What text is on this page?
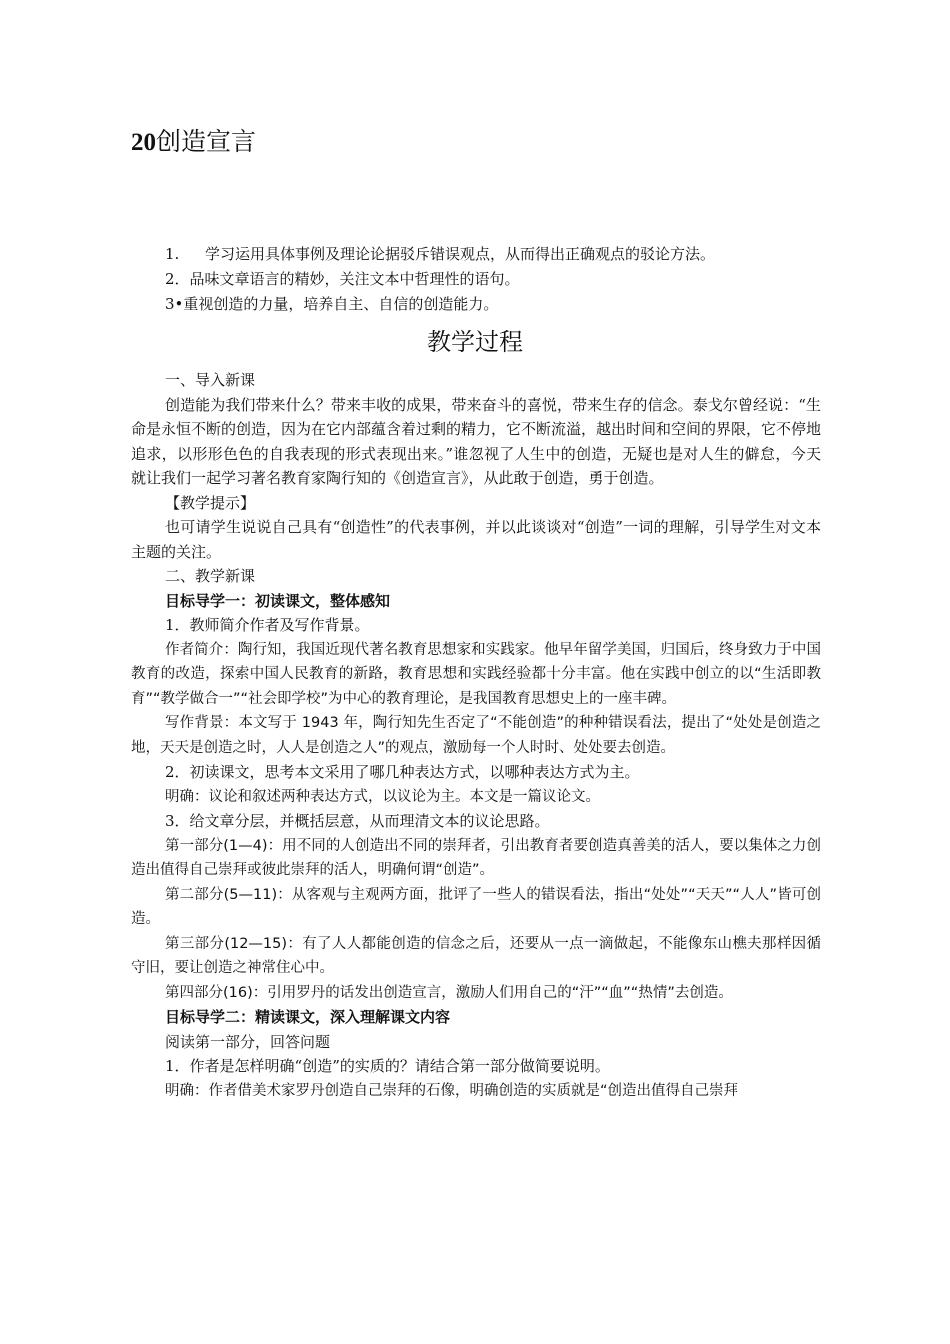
20创造宣言
1. 学习运用具体事例及理论论据驳斥错误观点，从而得出正确观点的驳论方法。
2．品味文章语言的精妙，关注文本中哲理性的语句。
3•重视创造的力量，培养自主、自信的创造能力。
教学过程

一、导入新课

创造能为我们带来什么？带来丰收的成果，带来奋斗的喜悦，带来生存的信念。泰戈尔曾经说：“生命是永恒不断的创造，因为在它内部蕴含着过剩的精力，它不断流溢，越出时间和空间的界限，它不停地追求，以形形色色的自我表现的形式表现出来。”谁忽视了人生中的创造，无疑也是对人生的僻怠，今天就让我们一起学习著名教育家陶行知的《创造宣言》，从此敢于创造，勇于创造。

【教学提示】

也可请学生说说自己具有“创造性”的代表事例，并以此谈谈对“创造”一词的理解，引导学生对文本主题的关注。

二、教学新课

目标导学一：初读课文，整体感知

1．教师简介作者及写作背景。

作者简介：陶行知，我国近现代著名教育思想家和实践家。他早年留学美国，归国后，终身致力于中国教育的改造，探索中国人民教育的新路，教育思想和实践经验都十分丰富。他在实践中创立的以“生活即教育”“教学做合一”“社会即学校”为中心的教育理论，是我国教育思想史上的一座丰碑。

写作背景：本文写于 1943 年，陶行知先生否定了“不能创造”的种种错误看法，提出了“处处是创造之地，天天是创造之时，人人是创造之人”的观点，激励每一个人时时、处处要去创造。

2．初读课文，思考本文采用了哪几种表达方式，以哪种表达方式为主。

明确：议论和叙述两种表达方式，以议论为主。本文是一篇议论文。

3．给文章分层，并概括层意，从而理清文本的议论思路。

第一部分(1—4)：用不同的人创造出不同的崇拜者，引出教育者要创造真善美的活人，要以集体之力创造出值得自己崇拜或彼此崇拜的活人，明确何谓“创造”。

第二部分(5—11)：从客观与主观两方面，批评了一些人的错误看法，指出“处处”“天天”“人人”皆可创造。

第三部分(12—15)：有了人人都能创造的信念之后，还要从一点一滴做起，不能像东山樵夫那样因循守旧，要让创造之神常住心中。

第四部分(16)：引用罗丹的话发出创造宣言，激励人们用自己的“汗”“血”“热情”去创造。

目标导学二：精读课文，深入理解课文内容

阅读第一部分，回答问题

1．作者是怎样明确“创造”的实质的？请结合第一部分做简要说明。

明确：作者借美术家罗丹创造自己崇拜的石像，明确创造的实质就是“创造出值得自己崇拜
